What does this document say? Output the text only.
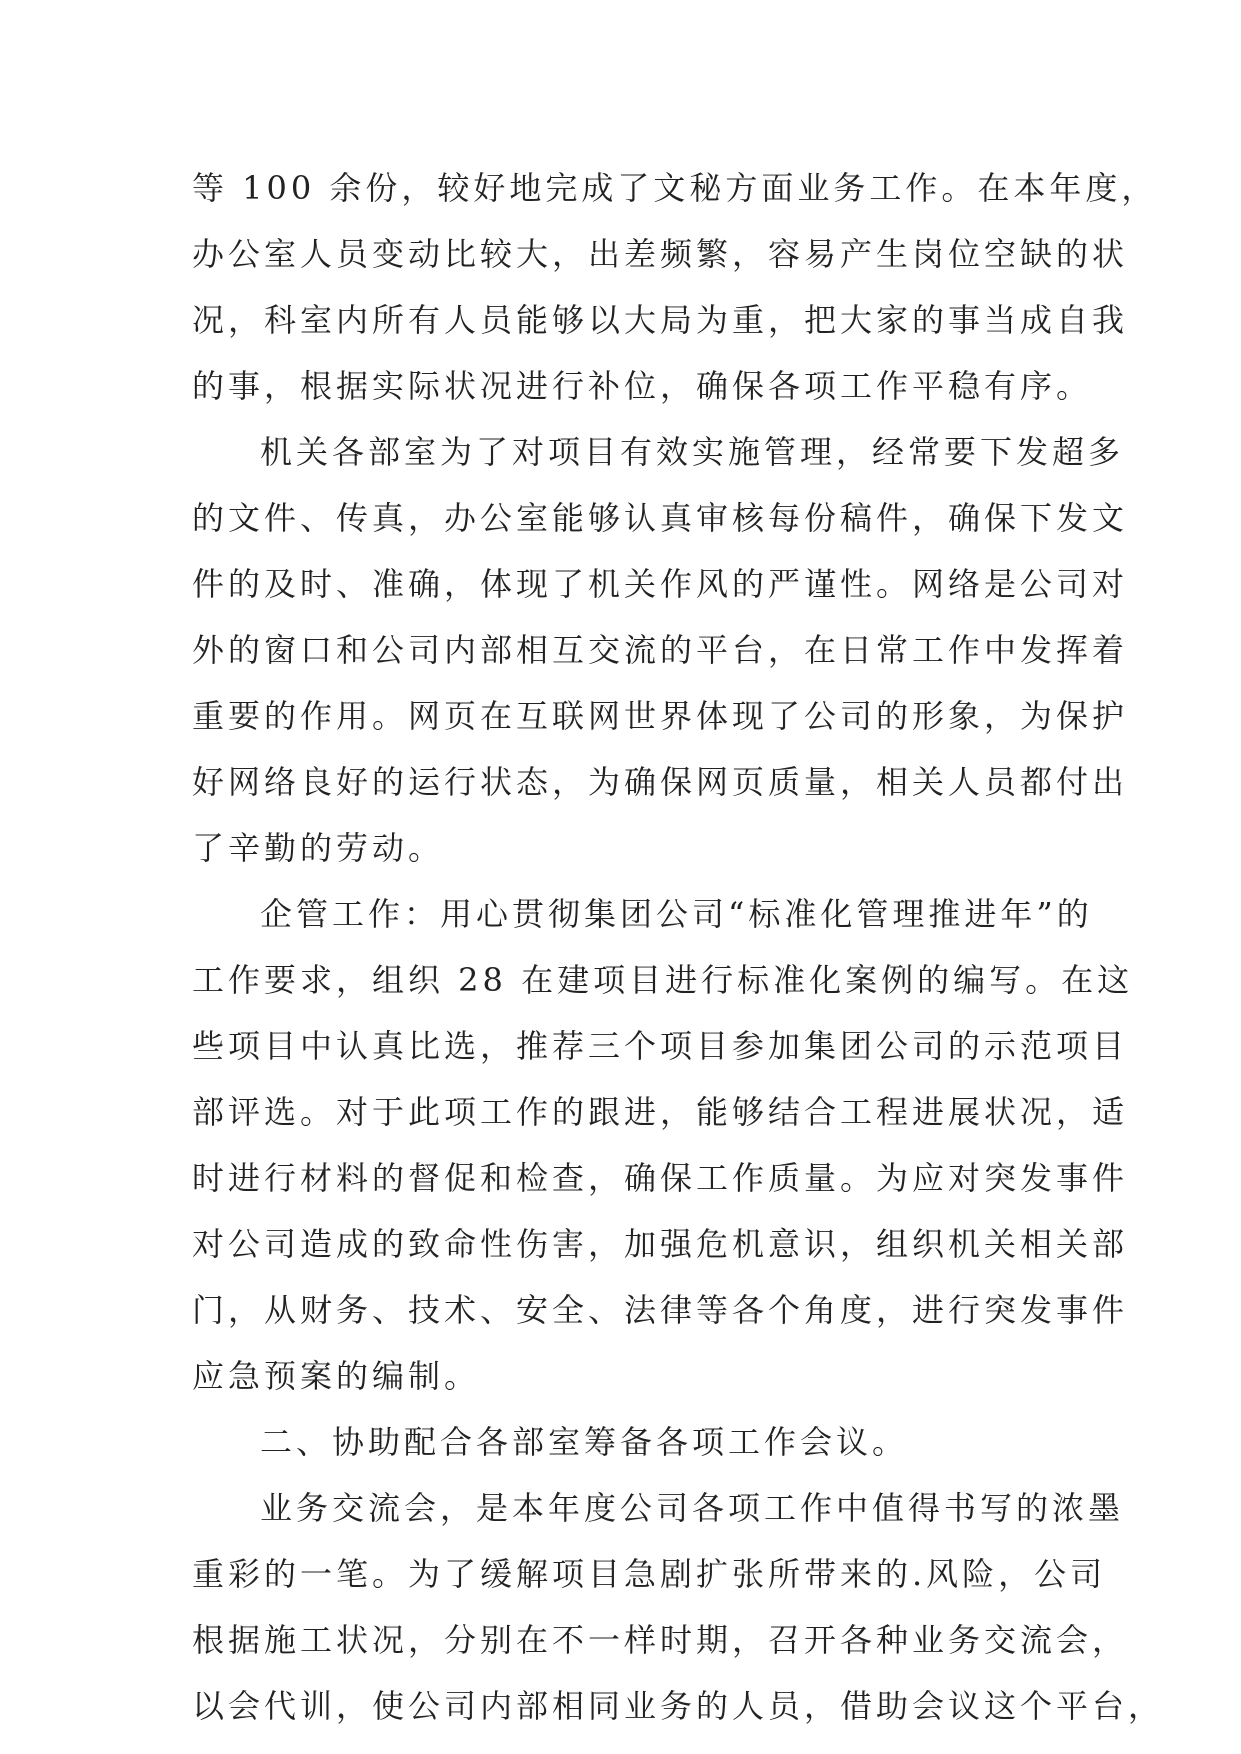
等 100 余份，较好地完成了文秘方面业务工作。在本年度，
办公室人员变动比较大，出差频繁，容易产生岗位空缺的状
况，科室内所有人员能够以大局为重，把大家的事当成自我
的事，根据实际状况进行补位，确保各项工作平稳有序。

机关各部室为了对项目有效实施管理，经常要下发超多
的文件、传真，办公室能够认真审核每份稿件，确保下发文
件的及时、准确，体现了机关作风的严谨性。网络是公司对
外的窗口和公司内部相互交流的平台，在日常工作中发挥着
重要的作用。网页在互联网世界体现了公司的形象，为保护
好网络良好的运行状态，为确保网页质量，相关人员都付出
了辛勤的劳动。

企管工作：用心贯彻集团公司“标准化管理推进年”的
工作要求，组织 28 在建项目进行标准化案例的编写。在这
些项目中认真比选，推荐三个项目参加集团公司的示范项目
部评选。对于此项工作的跟进，能够结合工程进展状况，适
时进行材料的督促和检查，确保工作质量。为应对突发事件
对公司造成的致命性伤害，加强危机意识，组织机关相关部
门，从财务、技术、安全、法律等各个角度，进行突发事件
应急预案的编制。

二、协助配合各部室筹备各项工作会议。

业务交流会，是本年度公司各项工作中值得书写的浓墨
重彩的一笔。为了缓解项目急剧扩张所带来的.风险，公司
根据施工状况，分别在不一样时期，召开各种业务交流会，
以会代训，使公司内部相同业务的人员，借助会议这个平台，
